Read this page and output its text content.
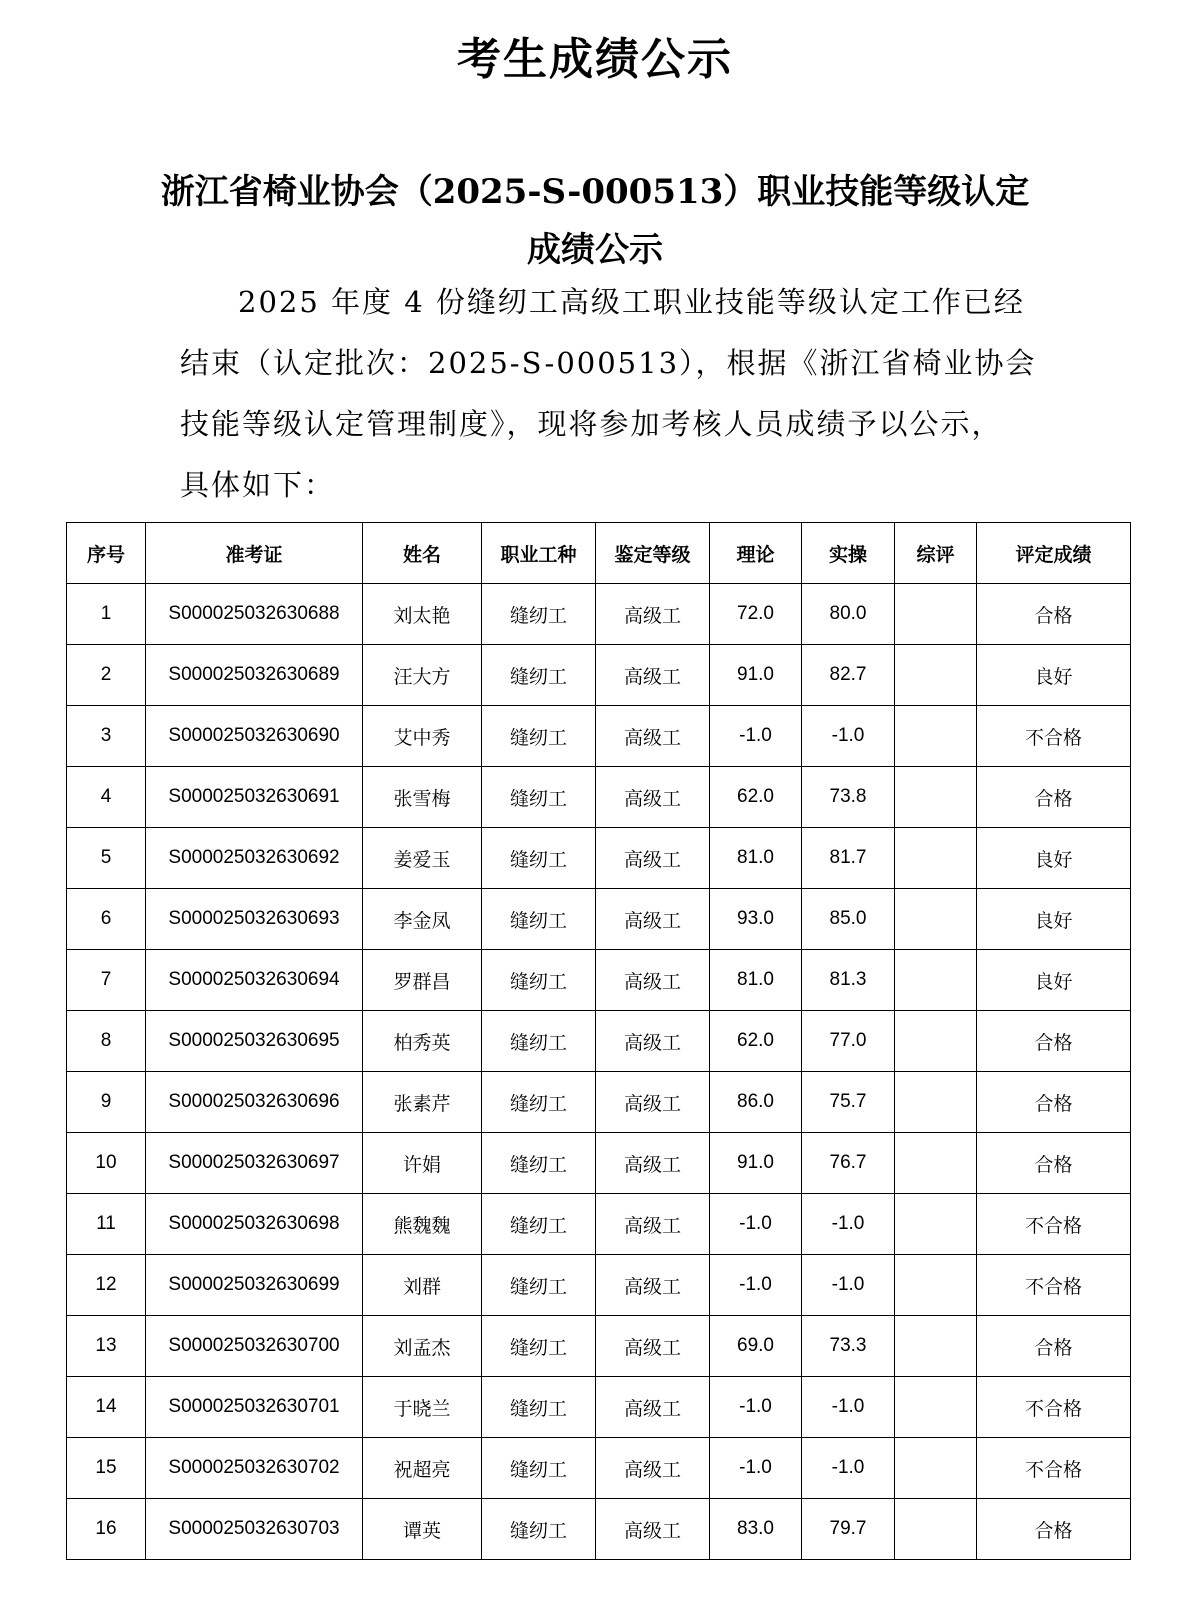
考生成绩公示
浙江省椅业协会（2025-S-000513）职业技能等级认定
成绩公示
2025 年度 4 份缝纫工高级工职业技能等级认定工作已经
结束（认定批次：2025-S-000513），根据《浙江省椅业协会
技能等级认定管理制度》，现将参加考核人员成绩予以公示，
具体如下：
序号	准考证	姓名	职业工种	鉴定等级	理论	实操	综评	评定成绩
1	S000025032630688	刘太艳	缝纫工	高级工	72.0	80.0		合格
2	S000025032630689	汪大方	缝纫工	高级工	91.0	82.7		良好
3	S000025032630690	艾中秀	缝纫工	高级工	-1.0	-1.0		不合格
4	S000025032630691	张雪梅	缝纫工	高级工	62.0	73.8		合格
5	S000025032630692	姜爱玉	缝纫工	高级工	81.0	81.7		良好
6	S000025032630693	李金凤	缝纫工	高级工	93.0	85.0		良好
7	S000025032630694	罗群昌	缝纫工	高级工	81.0	81.3		良好
8	S000025032630695	柏秀英	缝纫工	高级工	62.0	77.0		合格
9	S000025032630696	张素芹	缝纫工	高级工	86.0	75.7		合格
10	S000025032630697	许娟	缝纫工	高级工	91.0	76.7		合格
11	S000025032630698	熊魏魏	缝纫工	高级工	-1.0	-1.0		不合格
12	S000025032630699	刘群	缝纫工	高级工	-1.0	-1.0		不合格
13	S000025032630700	刘孟杰	缝纫工	高级工	69.0	73.3		合格
14	S000025032630701	于晓兰	缝纫工	高级工	-1.0	-1.0		不合格
15	S000025032630702	祝超亮	缝纫工	高级工	-1.0	-1.0		不合格
16	S000025032630703	谭英	缝纫工	高级工	83.0	79.7		合格
